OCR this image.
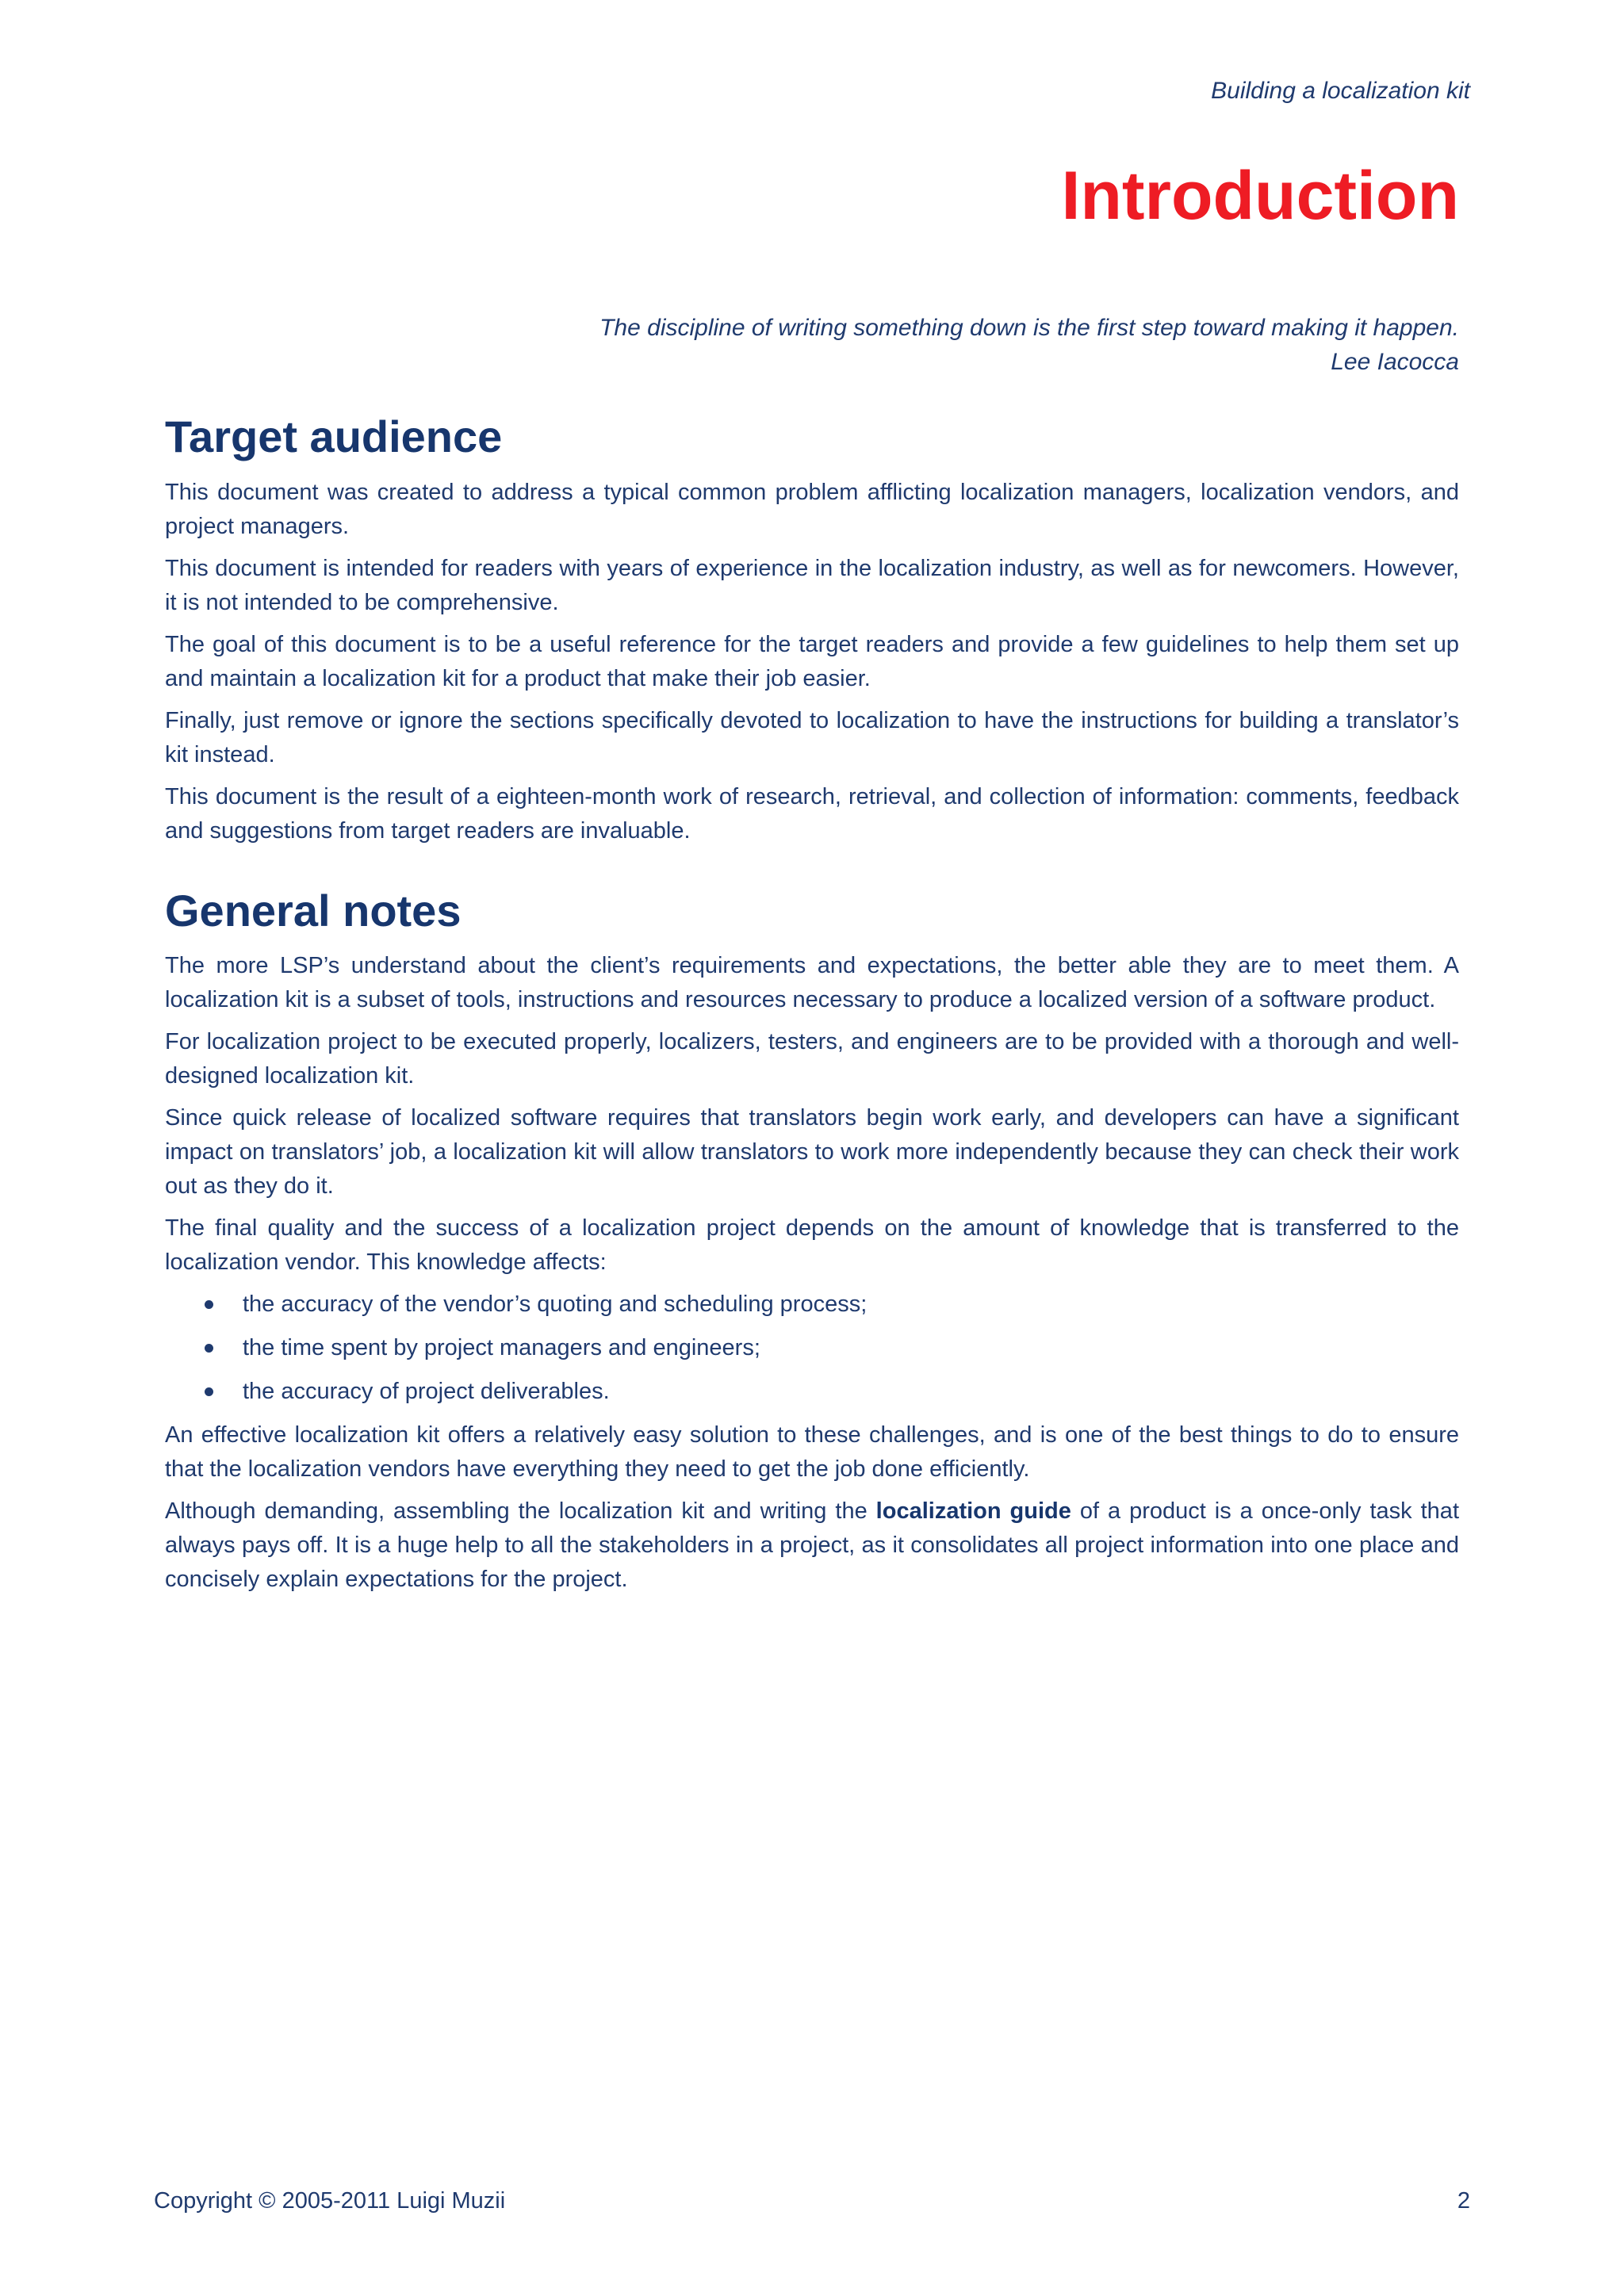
Building a localization kit

Introduction

The discipline of writing something down is the first step toward making it happen.

Lee Iacocca

Target audience

This document was created to address a typical common problem afflicting localization managers, localization vendors, and project managers.

This document is intended for readers with years of experience in the localization industry, as well as for newcomers. However, it is not intended to be comprehensive.

The goal of this document is to be a useful reference for the target readers and provide a few guidelines to help them set up and maintain a localization kit for a product that make their job easier.

Finally, just remove or ignore the sections specifically devoted to localization to have the instructions for building a translator’s kit instead.

This document is the result of a eighteen-month work of research, retrieval, and collection of information: comments, feedback and suggestions from target readers are invaluable.

General notes

The more LSP’s understand about the client’s requirements and expectations, the better able they are to meet them. A localization kit is a subset of tools, instructions and resources necessary to produce a localized version of a software product.

For localization project to be executed properly, localizers, testers, and engineers are to be provided with a thorough and well-designed localization kit.

Since quick release of localized software requires that translators begin work early, and developers can have a significant impact on translators’ job, a localization kit will allow translators to work more independently because they can check their work out as they do it.

The final quality and the success of a localization project depends on the amount of knowledge that is transferred to the localization vendor. This knowledge affects:

the accuracy of the vendor’s quoting and scheduling process;
the time spent by project managers and engineers;
the accuracy of project deliverables.

An effective localization kit offers a relatively easy solution to these challenges, and is one of the best things to do to ensure that the localization vendors have everything they need to get the job done efficiently.

Although demanding, assembling the localization kit and writing the localization guide of a product is a once-only task that always pays off. It is a huge help to all the stakeholders in a project, as it consolidates all project information into one place and concisely explain expectations for the project.

Copyright © 2005-2011 Luigi Muzii	2
